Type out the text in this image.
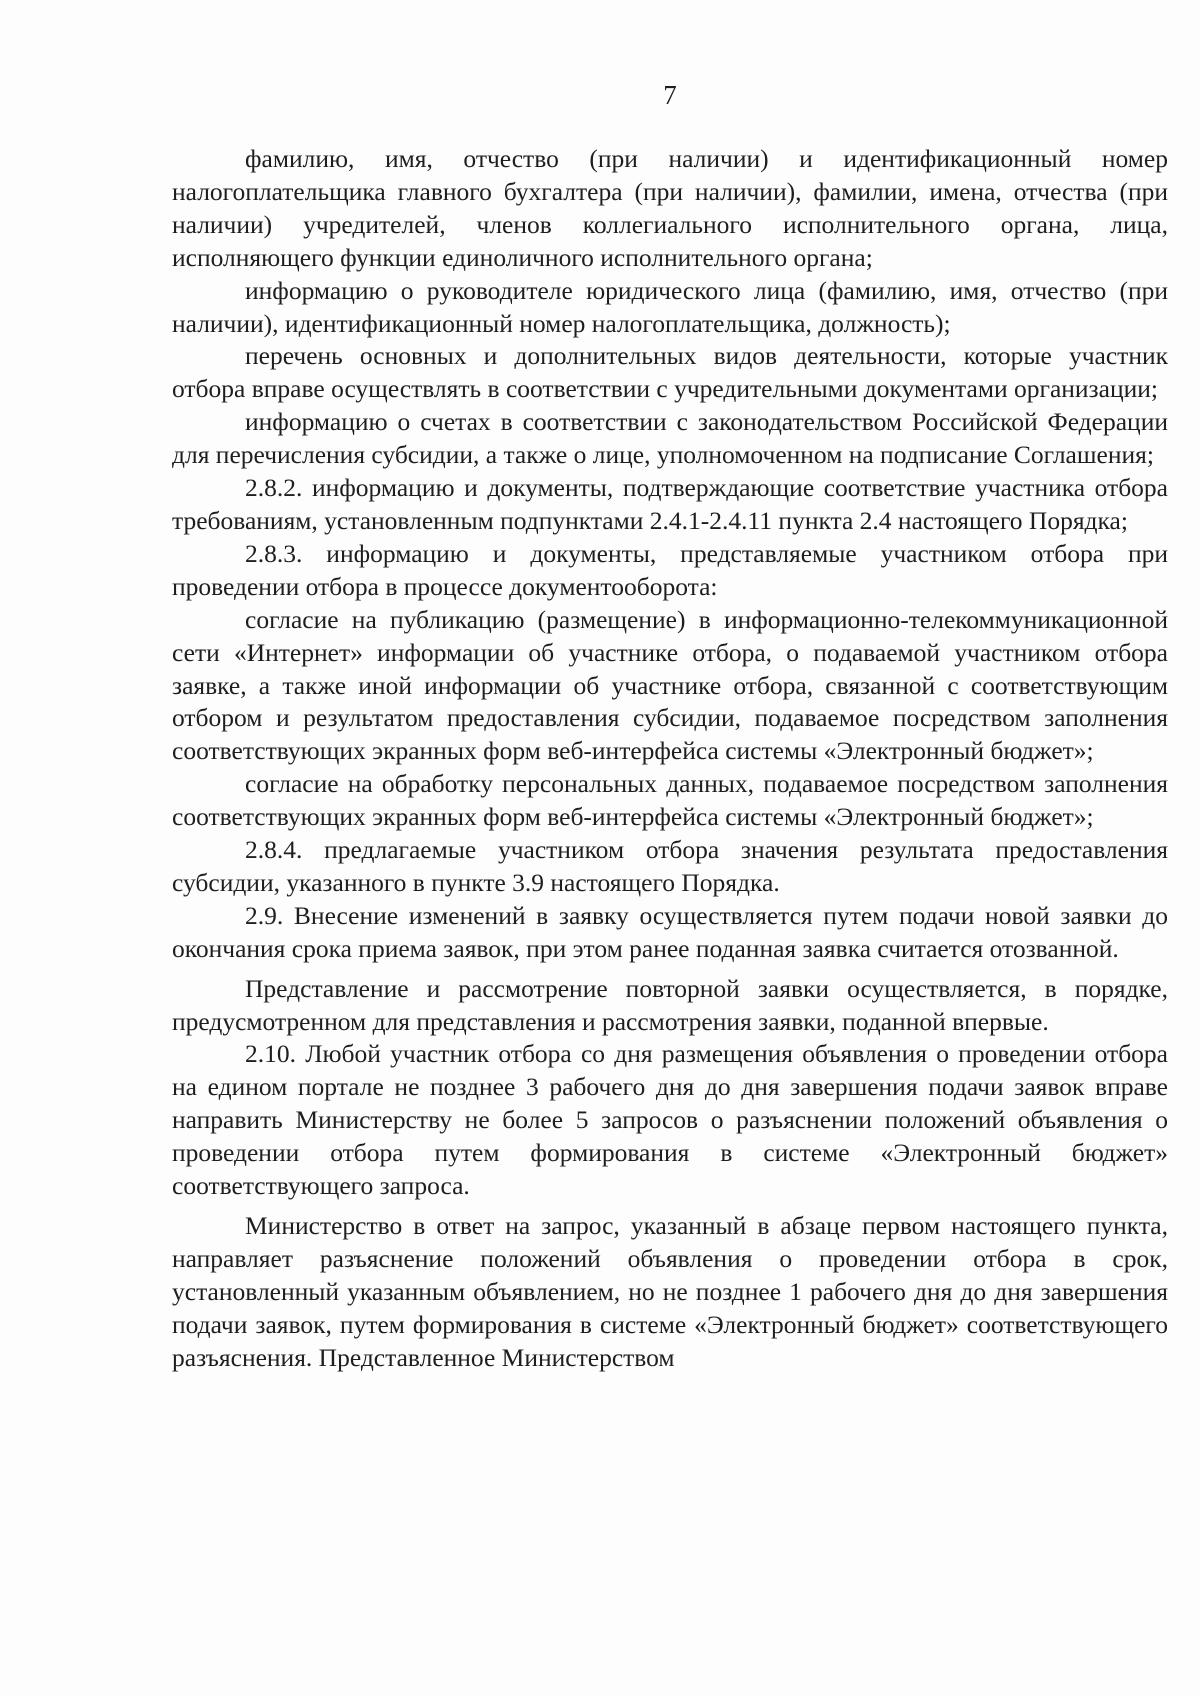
7

фамилию, имя, отчество (при наличии) и идентификационный номер налогоплательщика главного бухгалтера (при наличии), фамилии, имена, отчества (при наличии) учредителей, членов коллегиального исполнительного органа, лица, исполняющего функции единоличного исполнительного органа;

информацию о руководителе юридического лица (фамилию, имя, отчество (при наличии), идентификационный номер налогоплательщика, должность);

перечень основных и дополнительных видов деятельности, которые участник отбора вправе осуществлять в соответствии с учредительными документами организации;

информацию о счетах в соответствии с законодательством Российской Федерации для перечисления субсидии, а также о лице, уполномоченном на подписание Соглашения;

2.8.2. информацию и документы, подтверждающие соответствие участника отбора требованиям, установленным подпунктами 2.4.1-2.4.11 пункта 2.4 настоящего Порядка;

2.8.3. информацию и документы, представляемые участником отбора при проведении отбора в процессе документооборота:

согласие на публикацию (размещение) в информационно-телекоммуникационной сети «Интернет» информации об участнике отбора, о подаваемой участником отбора заявке, а также иной информации об участнике отбора, связанной с соответствующим отбором и результатом предоставления субсидии, подаваемое посредством заполнения соответствующих экранных форм веб-интерфейса системы «Электронный бюджет»;

согласие на обработку персональных данных, подаваемое посредством заполнения соответствующих экранных форм веб-интерфейса системы «Электронный бюджет»;

2.8.4. предлагаемые участником отбора значения результата предоставления субсидии, указанного в пункте 3.9 настоящего Порядка.

2.9. Внесение изменений в заявку осуществляется путем подачи новой заявки до окончания срока приема заявок, при этом ранее поданная заявка считается отозванной.

Представление и рассмотрение повторной заявки осуществляется, в порядке, предусмотренном для представления и рассмотрения заявки, поданной впервые.

2.10. Любой участник отбора со дня размещения объявления о проведении отбора на едином портале не позднее 3 рабочего дня до дня завершения подачи заявок вправе направить Министерству не более 5 запросов о разъяснении положений объявления о проведении отбора путем формирования в системе «Электронный бюджет» соответствующего запроса.

Министерство в ответ на запрос, указанный в абзаце первом настоящего пункта, направляет разъяснение положений объявления о проведении отбора в срок, установленный указанным объявлением, но не позднее 1 рабочего дня до дня завершения подачи заявок, путем формирования в системе «Электронный бюджет» соответствующего разъяснения. Представленное Министерством
